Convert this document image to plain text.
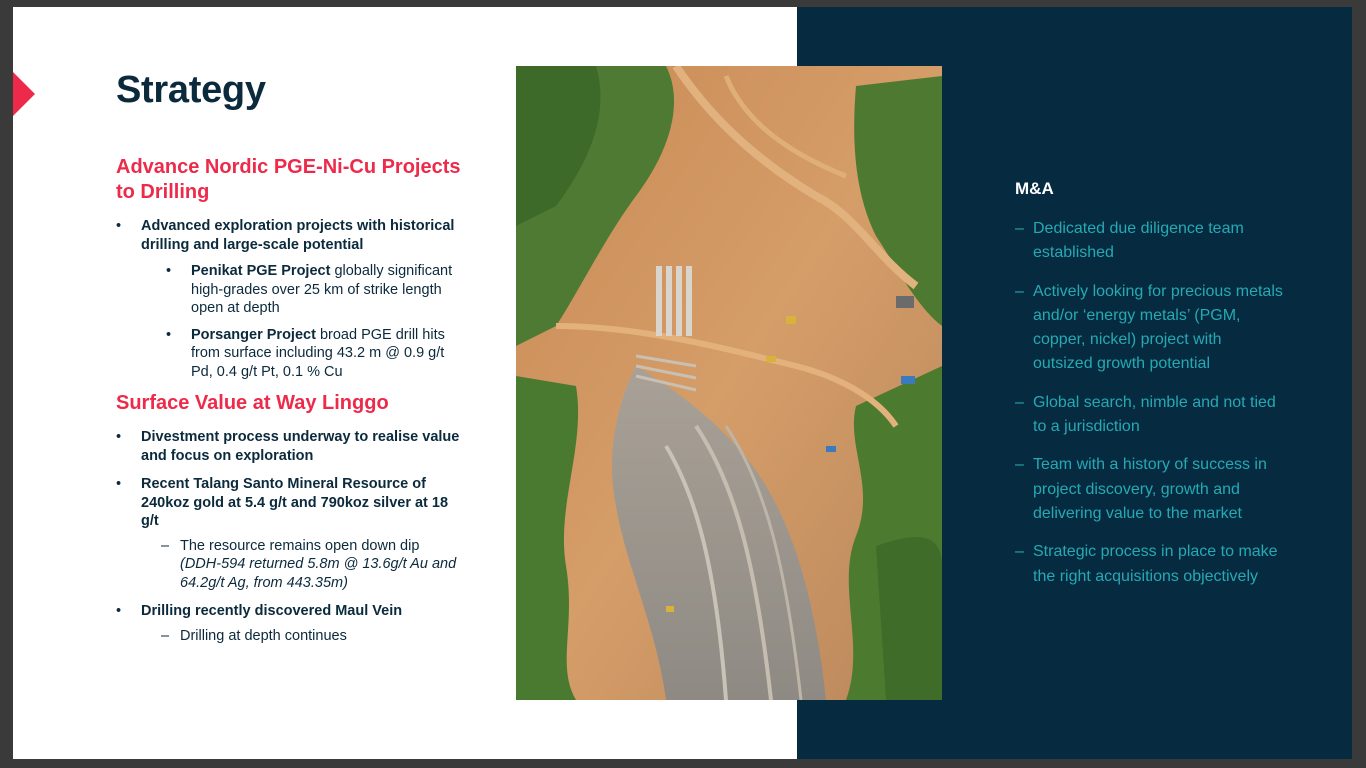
Strategy
Advance Nordic PGE-Ni-Cu Projects to Drilling
• Advanced exploration projects with historical drilling and large-scale potential
• Penikat PGE Project globally significant high-grades over 25 km of strike length open at depth
• Porsanger Project broad PGE drill hits from surface including 43.2 m @ 0.9 g/t Pd, 0.4 g/t Pt, 0.1 % Cu
Surface Value at Way Linggo
• Divestment process underway to realise value and focus on exploration
• Recent Talang Santo Mineral Resource of 240koz gold at 5.4 g/t and 790koz silver at 18 g/t
– The resource remains open down dip
(DDH-594 returned 5.8m @ 13.6g/t Au and 64.2g/t Ag, from 443.35m)
• Drilling recently discovered Maul Vein
– Drilling at depth continues
M&A
– Dedicated due diligence team established
– Actively looking for precious metals and/or ‘energy metals’ (PGM, copper, nickel) project with outsized growth potential
– Global search, nimble and not tied to a jurisdiction
– Team with a history of success in project discovery, growth and delivering value to the market
– Strategic process in place to make the right acquisitions objectively
